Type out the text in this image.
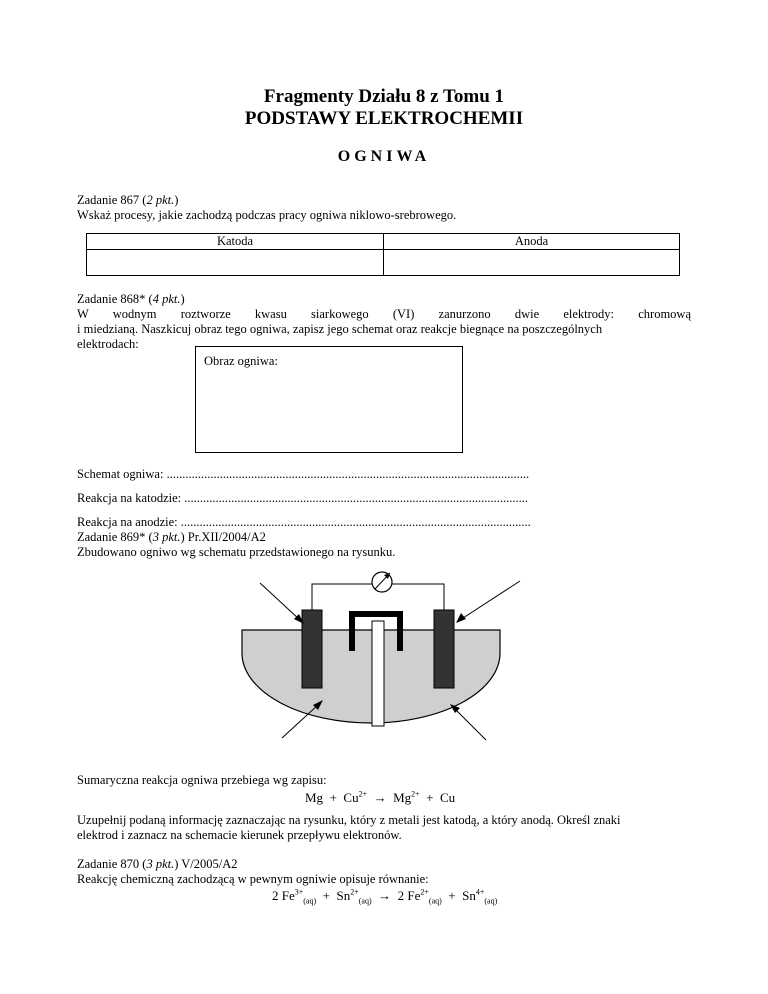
Fragmenty Działu 8 z Tomu 1
PODSTAWY ELEKTROCHEMII
OGNIWA
Zadanie 867 (2 pkt.)
Wskaż procesy, jakie zachodzą podczas pracy ogniwa niklowo-srebrowego.
Katoda	Anoda

Zadanie 868* (4 pkt.)
W wodnym roztworze kwasu siarkowego (VI) zanurzono dwie elektrody: chromową
i miedzianą. Naszkicuj obraz tego ogniwa, zapisz jego schemat oraz reakcje biegnące na poszczególnych
elektrodach:
Obraz ogniwa:
Schemat ogniwa: ....................................................................................................................
Reakcja na katodzie: ..............................................................................................................
Reakcja na anodzie: ................................................................................................................
Zadanie 869* (3 pkt.) Pr.XII/2004/A2
Zbudowano ogniwo wg schematu przedstawionego na rysunku.
Sumaryczna reakcja ogniwa przebiega wg zapisu:
$Mg + Cu^{2+} \to Mg^{2+} + Cu$
Uzupełnij podaną informację zaznaczając na rysunku, który z metali jest katodą, a który anodą. Określ znaki
elektrod i zaznacz na schemacie kierunek przepływu elektronów.
Zadanie 870 (3 pkt.) V/2005/A2
Reakcję chemiczną zachodzącą w pewnym ogniwie opisuje równanie:
2 $Fe^{3+}_{(aq)} + Sn^{2+}_{(aq)} \to 2$ $Fe^{2+}_{(aq)} + Sn^{4+}_{(aq)}$
